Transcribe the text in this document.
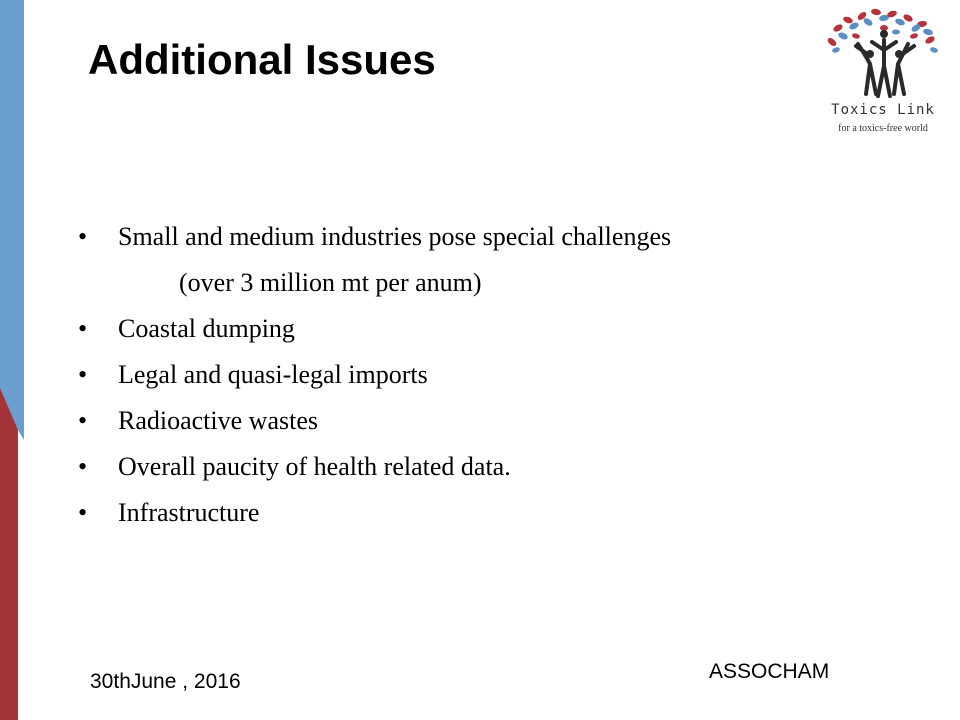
Additional Issues
Toxics Link
for a toxics-free world
• Small and medium industries pose special challenges
(over 3 million mt per anum)
• Coastal dumping
• Legal and quasi-legal imports
• Radioactive wastes
• Overall paucity of health related data.
• Infrastructure
ASSOCHAM
30thJune , 2016
